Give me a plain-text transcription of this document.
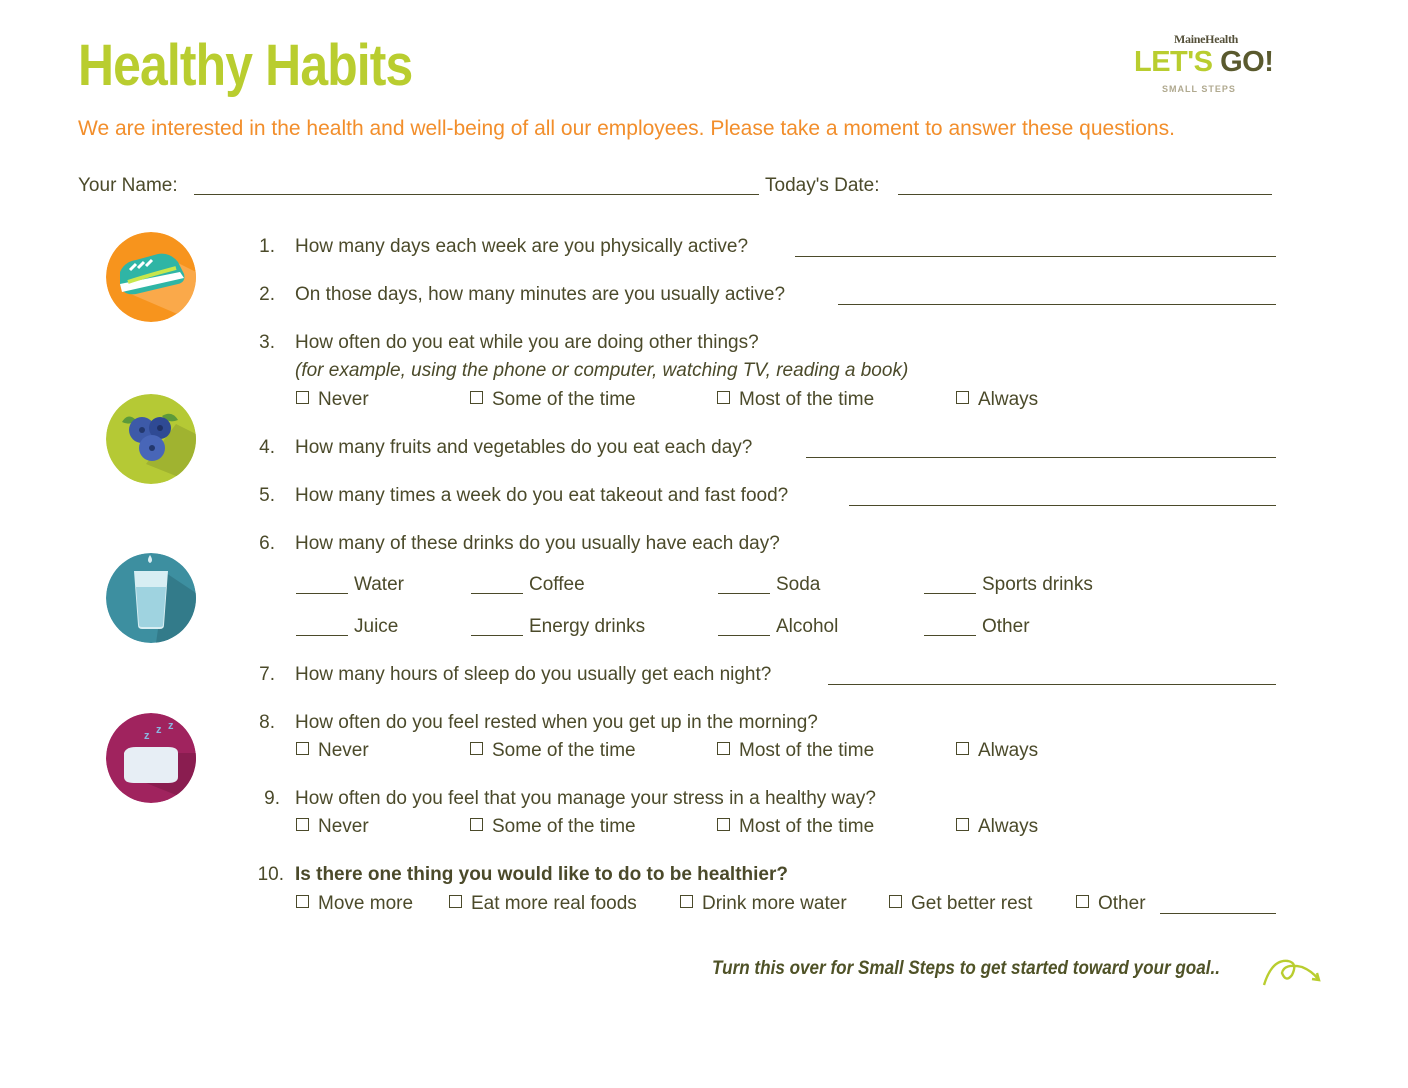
Healthy Habits	MaineHealth
LET'S GO!
SMALL STEPS
We are interested in the health and well-being of all our employees. Please take a moment to answer these questions.
Your Name:	Today's Date:
z z z
1. How many days each week are you physically active?
2. On those days, how many minutes are you usually active?
3. How often do you eat while you are doing other things?
(for example, using the phone or computer, watching TV, reading a book)
Never	Some of the time	Most of the time	Always
4. How many fruits and vegetables do you eat each day?
5. How many times a week do you eat takeout and fast food?
6. How many of these drinks do you usually have each day?
Water	Coffee	Soda	Sports drinks
Juice	Energy drinks	Alcohol	Other
7. How many hours of sleep do you usually get each night?
8. How often do you feel rested when you get up in the morning?
Never	Some of the time	Most of the time	Always
9. How often do you feel that you manage your stress in a healthy way?
Never	Some of the time	Most of the time	Always
10. Is there one thing you would like to do to be healthier?
Move more	Eat more real foods	Drink more water	Get better rest	Other
Turn this over for Small Steps to get started toward your goal..
